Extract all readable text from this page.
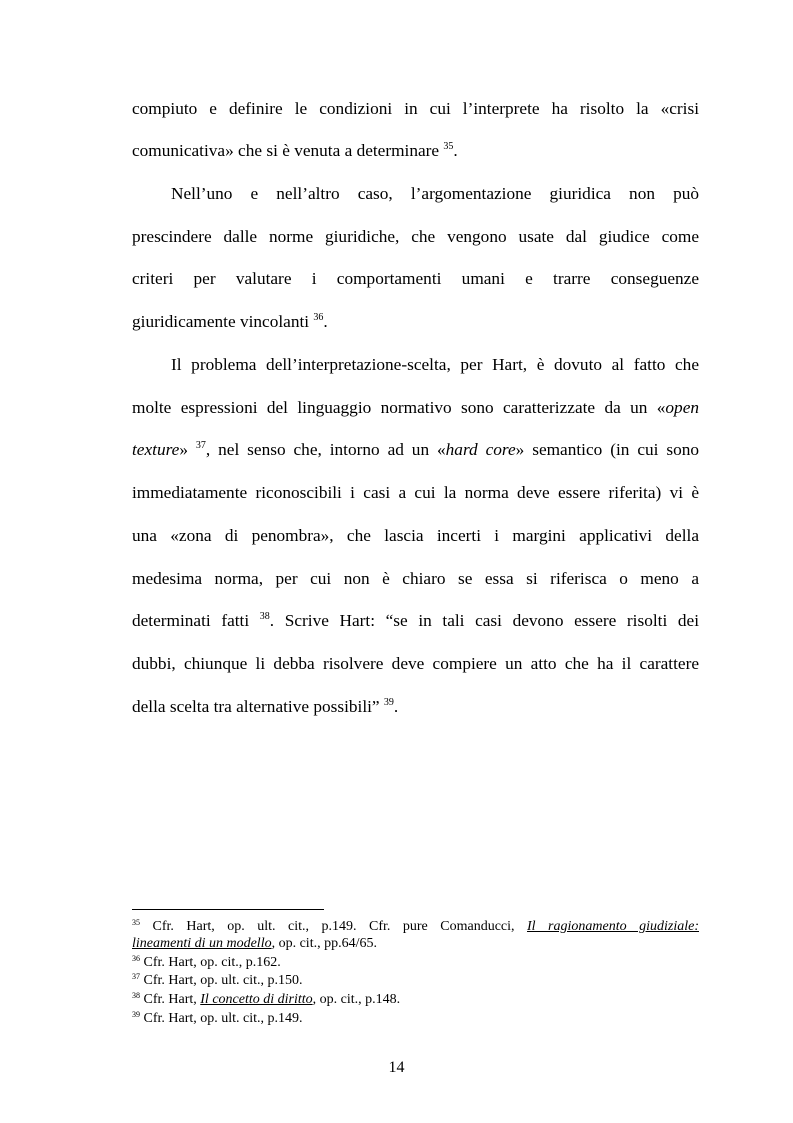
compiuto e definire le condizioni in cui l’interprete ha risolto la «crisi
comunicativa» che si è venuta a determinare $^{35}$.
Nell’uno e nell’altro caso, l’argomentazione giuridica non può
prescindere dalle norme giuridiche, che vengono usate dal giudice come
criteri per valutare i comportamenti umani e trarre conseguenze
giuridicamente vincolanti $^{36}$.
Il problema dell’interpretazione-scelta, per Hart, è dovuto al fatto che
molte espressioni del linguaggio normativo sono caratterizzate da un «open
texture» $^{37}$, nel senso che, intorno ad un «hard core» semantico (in cui sono
immediatamente riconoscibili i casi a cui la norma deve essere riferita) vi è
una «zona di penombra», che lascia incerti i margini applicativi della
medesima norma, per cui non è chiaro se essa si riferisca o meno a
determinati fatti $^{38}$. Scrive Hart: “se in tali casi devono essere risolti dei
dubbi, chiunque li debba risolvere deve compiere un atto che ha il carattere
della scelta tra alternative possibili” $^{39}$.
$^{35}$ Cfr. Hart, op. ult. cit., p.149. Cfr. pure Comanducci, Il ragionamento giudiziale:
lineamenti di un modello, op. cit., pp.64/65.
$^{36}$ Cfr. Hart, op. cit., p.162.
$^{37}$ Cfr. Hart, op. ult. cit., p.150.
$^{38}$ Cfr. Hart, Il concetto di diritto, op. cit., p.148.
$^{39}$ Cfr. Hart, op. ult. cit., p.149.
14
